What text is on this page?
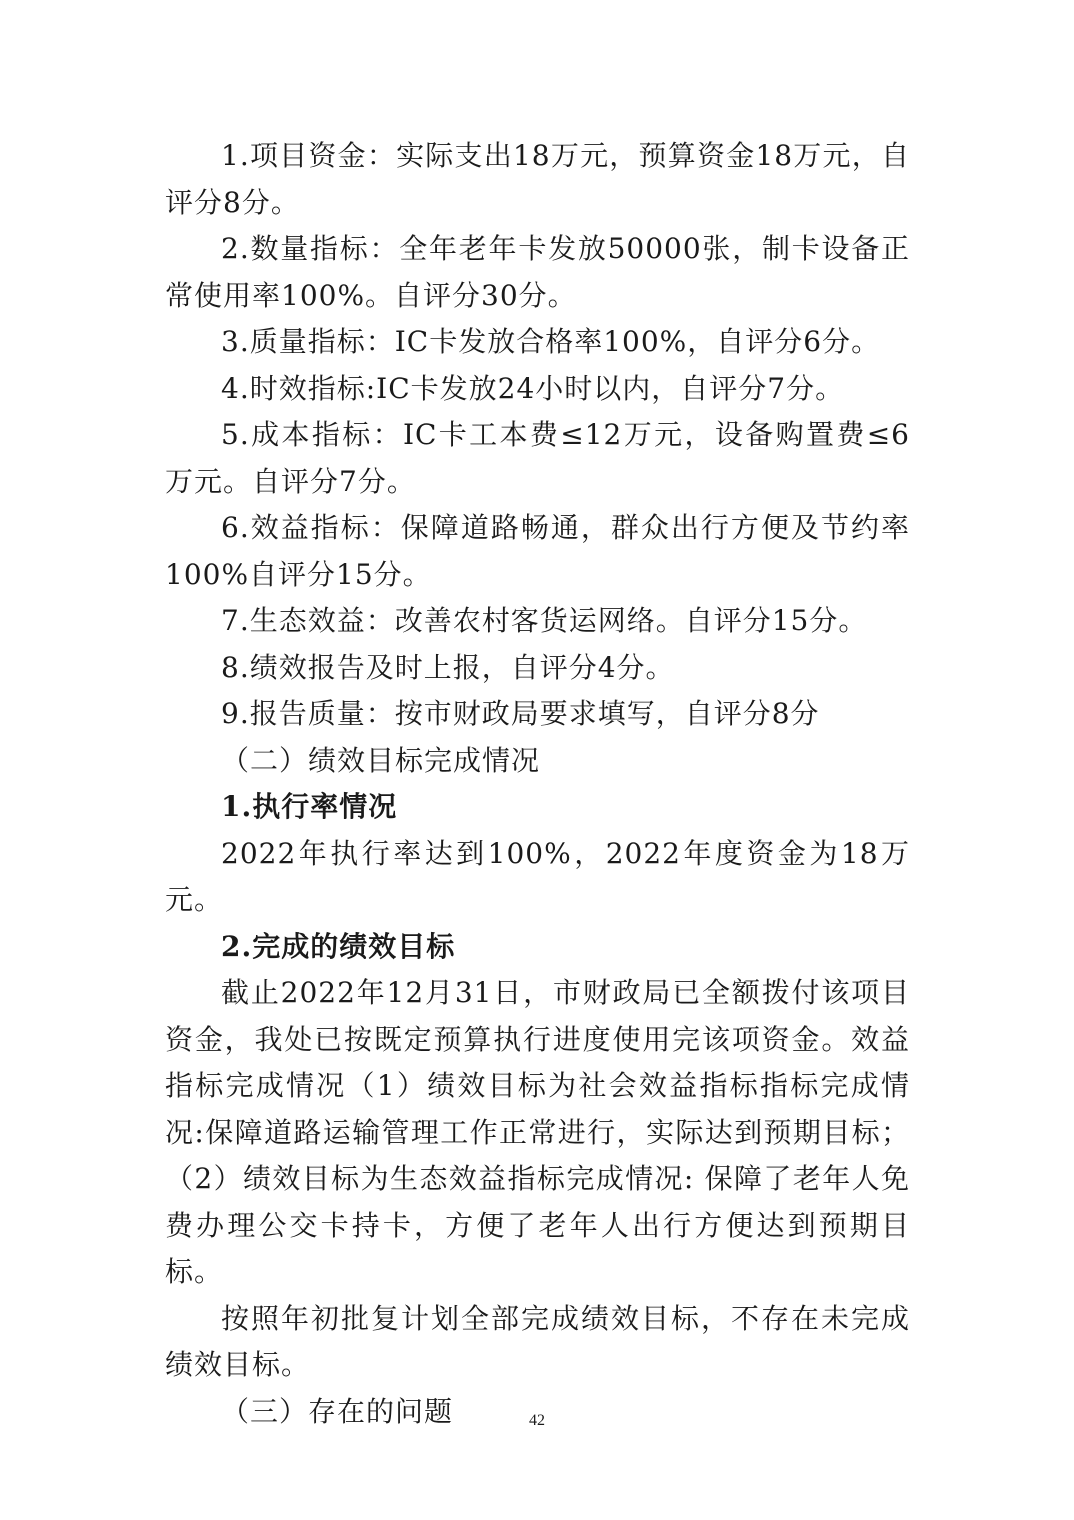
1.项目资金：实际支出18万元，预算资金18万元，自评分8分。

2.数量指标：全年老年卡发放50000张，制卡设备正常使用率100%。自评分30分。

3.质量指标：IC卡发放合格率100%，自评分6分。

4.时效指标:IC卡发放24小时以内，自评分7分。

5.成本指标：IC卡工本费≤12万元，设备购置费≤6万元。自评分7分。

6.效益指标：保障道路畅通，群众出行方便及节约率100%自评分15分。

7.生态效益：改善农村客货运网络。自评分15分。

8.绩效报告及时上报，自评分4分。

9.报告质量：按市财政局要求填写，自评分8分

（二）绩效目标完成情况

1.执行率情况

2022年执行率达到100%，2022年度资金为18万元。

2.完成的绩效目标

截止2022年12月31日，市财政局已全额拨付该项目资金，我处已按既定预算执行进度使用完该项资金。效益指标完成情况（1）绩效目标为社会效益指标指标完成情况:保障道路运输管理工作正常进行，实际达到预期目标；（2）绩效目标为生态效益指标完成情况: 保障了老年人免费办理公交卡持卡，方便了老年人出行方便达到预期目标。

按照年初批复计划全部完成绩效目标，不存在未完成绩效目标。

（三）存在的问题	42
